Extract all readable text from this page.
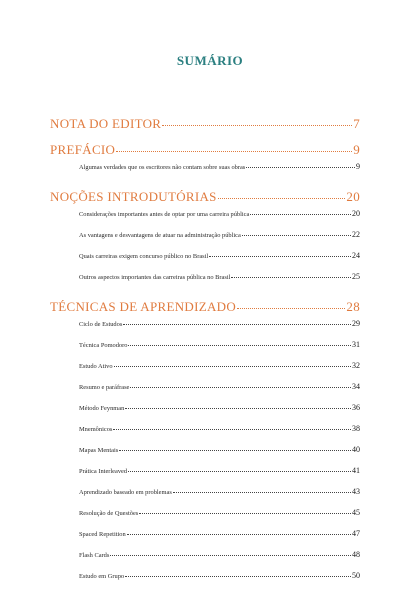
SUMÁRIO
NOTA DO EDITOR	7
PREFÁCIO	9
Algumas verdades que os escritores não contam sobre suas obras	9
NOÇÕES INTRODUTÓRIAS	20
Considerações importantes antes de optar por uma carreira pública	20
As vantagens e desvantagens de atuar na administração pública	22
Quais carreiras exigem concurso público no Brasil	24
Outros aspectos importantes das carreiras pública no Brasil	25
TÉCNICAS DE APRENDIZADO	28
Ciclo de Estudos	29
Técnica Pomodoro	31
Estudo Ativo	32
Resumo e paráfrase	34
Método Feynman	36
Mnemônicos	38
Mapas Mentais	40
Prática Interleaved	41
Aprendizado baseado em problemas	43
Resolução de Questões	45
Spaced Repetition	47
Flash Cards	48
Estudo em Grupo	50
